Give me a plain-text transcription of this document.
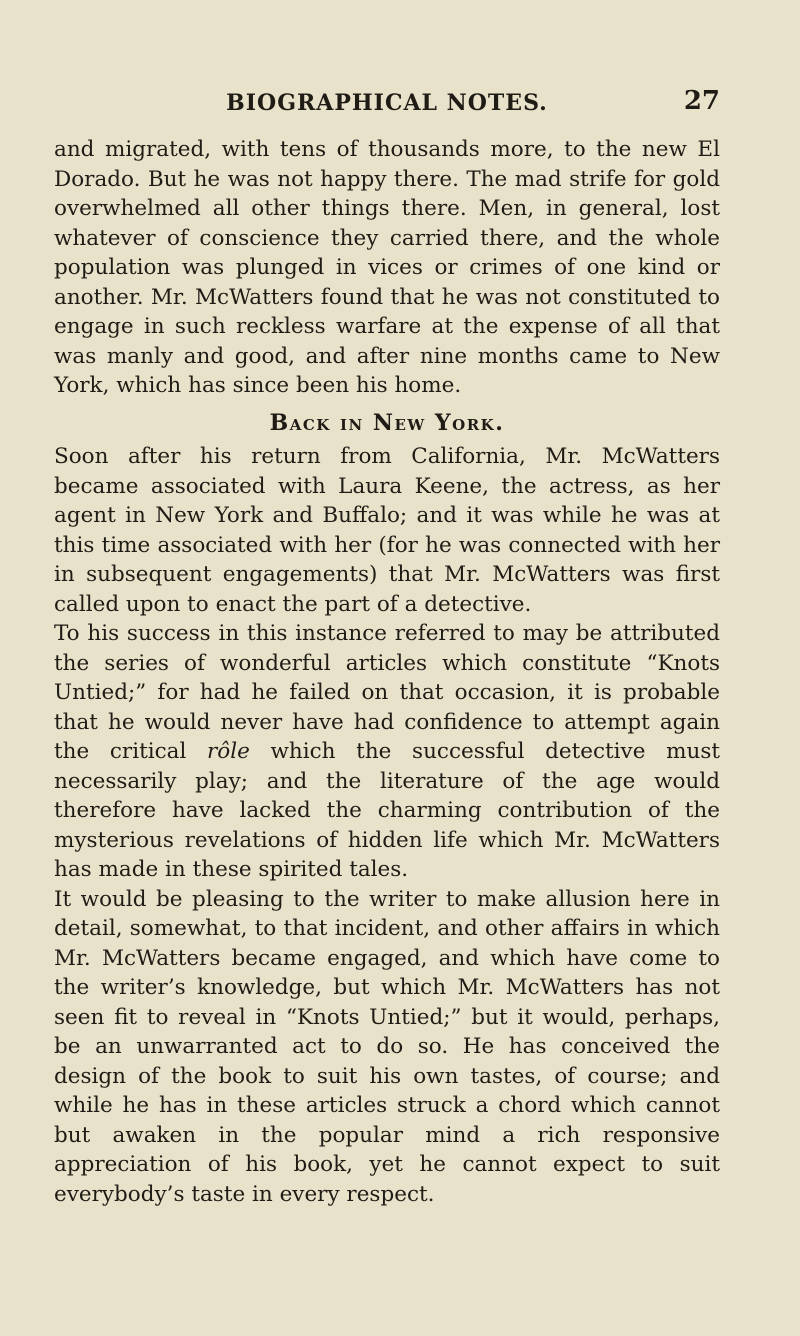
BIOGRAPHICAL NOTES.	27

and migrated, with tens of thousands more, to the new El Dorado. But he was not happy there. The mad strife for gold overwhelmed all other things there. Men, in general, lost whatever of conscience they carried there, and the whole population was plunged in vices or crimes of one kind or another. Mr. McWatters found that he was not constituted to engage in such reckless warfare at the expense of all that was manly and good, and after nine months came to New York, which has since been his home.

Back in New York.

Soon after his return from California, Mr. McWatters became associated with Laura Keene, the actress, as her agent in New York and Buffalo; and it was while he was at this time associated with her (for he was connected with her in subsequent engagements) that Mr. McWatters was first called upon to enact the part of a detective.

To his success in this instance referred to may be attributed the series of wonderful articles which constitute “Knots Untied;” for had he failed on that occasion, it is probable that he would never have had confidence to attempt again the critical rôle which the successful detective must necessarily play; and the literature of the age would therefore have lacked the charming contribution of the mysterious revelations of hidden life which Mr. McWatters has made in these spirited tales.

It would be pleasing to the writer to make allusion here in detail, somewhat, to that incident, and other affairs in which Mr. McWatters became engaged, and which have come to the writer’s knowledge, but which Mr. McWatters has not seen fit to reveal in “Knots Untied;” but it would, perhaps, be an unwarranted act to do so. He has conceived the design of the book to suit his own tastes, of course; and while he has in these articles struck a chord which cannot but awaken in the popular mind a rich responsive appreciation of his book, yet he cannot expect to suit everybody’s taste in every respect.
